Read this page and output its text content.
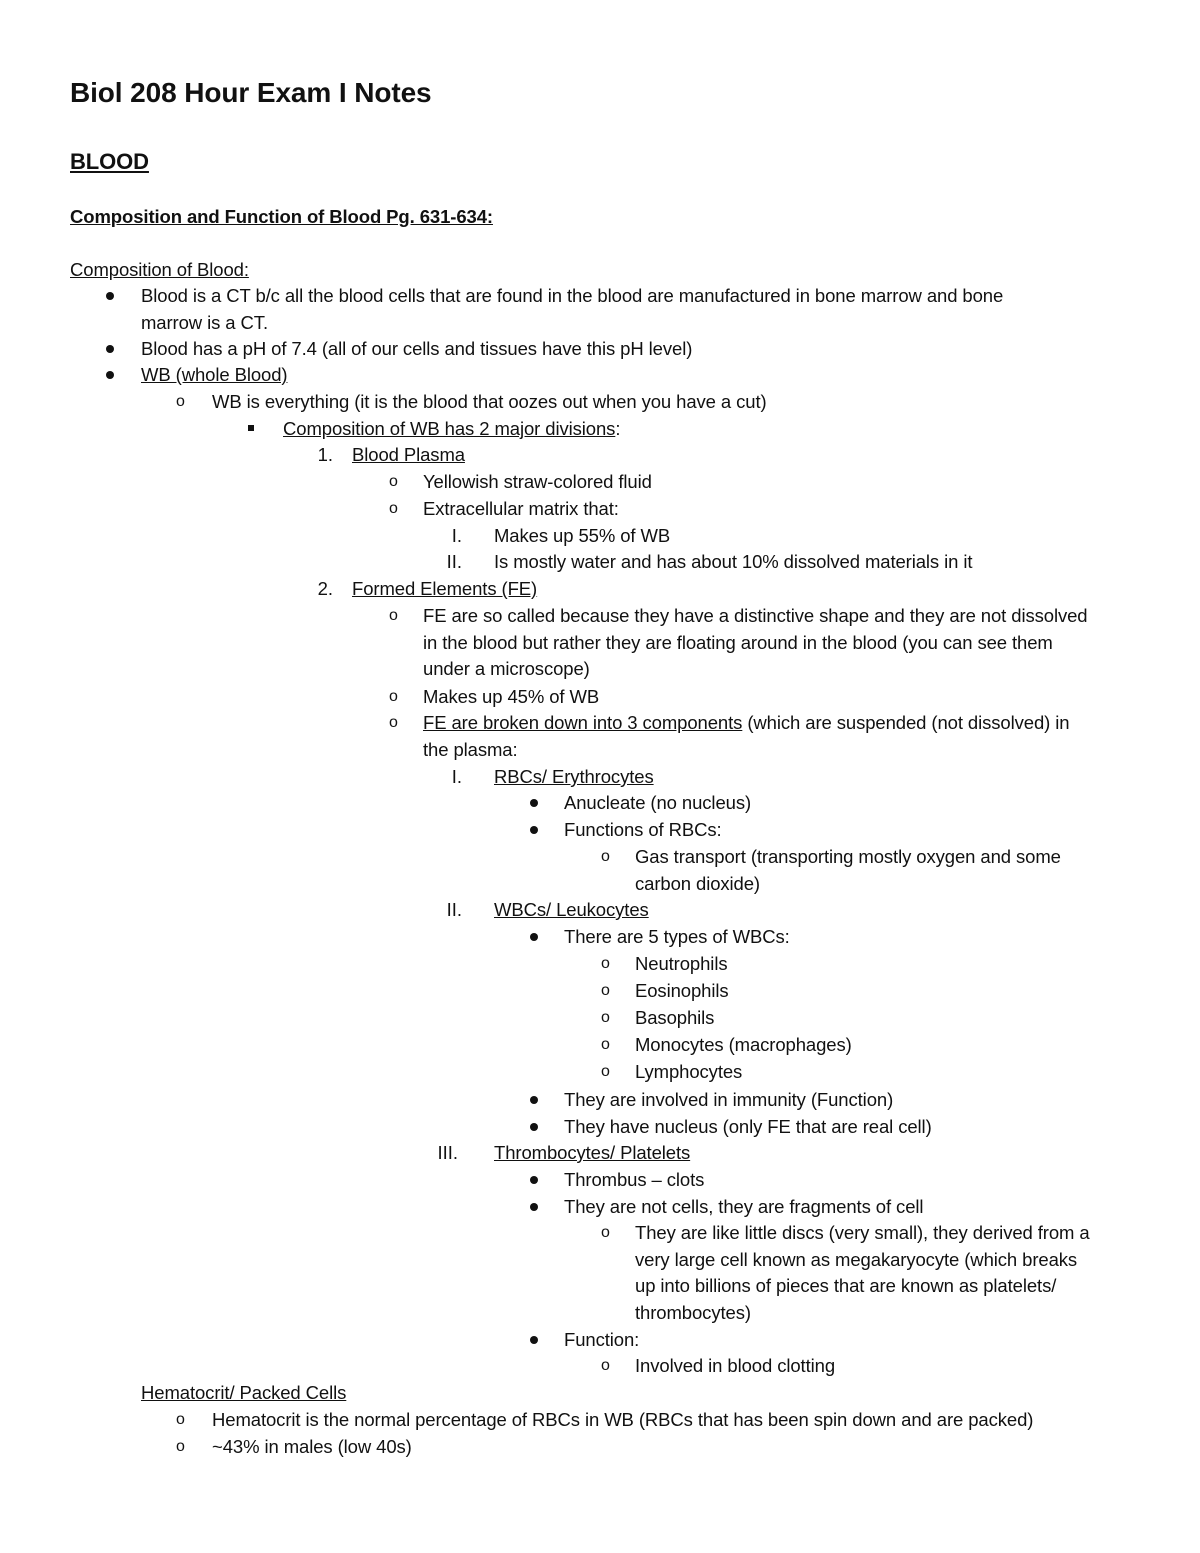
Biol 208 Hour Exam I Notes
BLOOD
Composition and Function of Blood Pg. 631-634:
Composition of Blood:
Blood is a CT b/c all the blood cells that are found in the blood are manufactured in bone marrow and bone
marrow is a CT.
Blood has a pH of 7.4 (all of our cells and tissues have this pH level)
WB (whole Blood)
o WB is everything (it is the blood that oozes out when you have a cut)
Composition of WB has 2 major divisions:
1. Blood Plasma
o Yellowish straw-colored fluid
o Extracellular matrix that:
I. Makes up 55% of WB
II. Is mostly water and has about 10% dissolved materials in it
2. Formed Elements (FE)
o FE are so called because they have a distinctive shape and they are not dissolved
in the blood but rather they are floating around in the blood (you can see them
under a microscope)
o Makes up 45% of WB
o FE are broken down into 3 components (which are suspended (not dissolved) in
the plasma:
I. RBCs/ Erythrocytes
Anucleate (no nucleus)
Functions of RBCs:
o Gas transport (transporting mostly oxygen and some
carbon dioxide)
II. WBCs/ Leukocytes
There are 5 types of WBCs:
o Neutrophils
o Eosinophils
o Basophils
o Monocytes (macrophages)
o Lymphocytes
They are involved in immunity (Function)
They have nucleus (only FE that are real cell)
III. Thrombocytes/ Platelets
Thrombus – clots
They are not cells, they are fragments of cell
o They are like little discs (very small), they derived from a
very large cell known as megakaryocyte (which breaks
up into billions of pieces that are known as platelets/
thrombocytes)
Function:
o Involved in blood clotting
Hematocrit/ Packed Cells
o Hematocrit is the normal percentage of RBCs in WB (RBCs that has been spin down and are packed)
o ~43% in males (low 40s)
